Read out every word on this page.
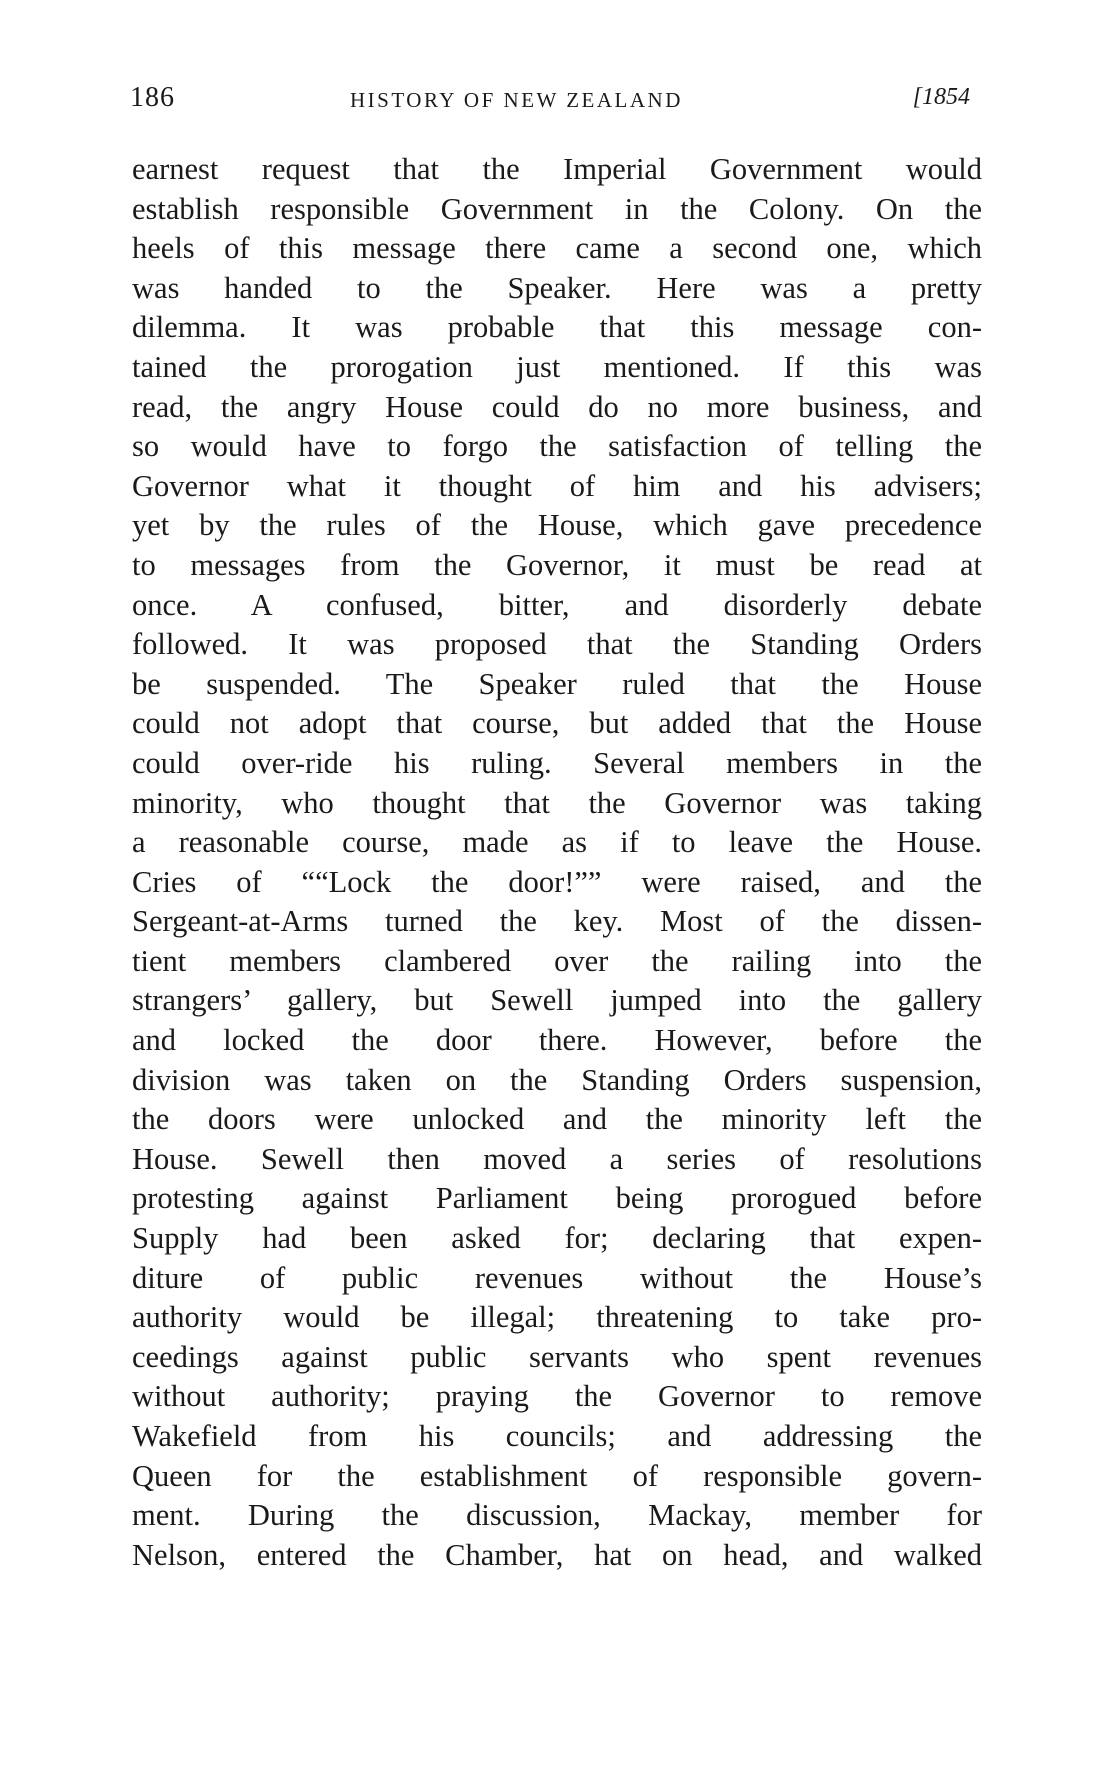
186	HISTORY OF NEW ZEALAND	[1854
earnest request that the Imperial Government would
establish responsible Government in the Colony. On the
heels of this message there came a second one, which
was handed to the Speaker. Here was a pretty
dilemma. It was probable that this message con-
tained the prorogation just mentioned. If this was
read, the angry House could do no more business, and
so would have to forgo the satisfaction of telling the
Governor what it thought of him and his advisers;
yet by the rules of the House, which gave precedence
to messages from the Governor, it must be read at
once. A confused, bitter, and disorderly debate
followed. It was proposed that the Standing Orders
be suspended. The Speaker ruled that the House
could not adopt that course, but added that the House
could over-ride his ruling. Several members in the
minority, who thought that the Governor was taking
a reasonable course, made as if to leave the House.
Cries of ““Lock the door!”” were raised, and the
Sergeant-at-Arms turned the key. Most of the dissen-
tient members clambered over the railing into the
strangers’ gallery, but Sewell jumped into the gallery
and locked the door there. However, before the
division was taken on the Standing Orders suspension,
the doors were unlocked and the minority left the
House. Sewell then moved a series of resolutions
protesting against Parliament being prorogued before
Supply had been asked for; declaring that expen-
diture of public revenues without the House’s
authority would be illegal; threatening to take pro-
ceedings against public servants who spent revenues
without authority; praying the Governor to remove
Wakefield from his councils; and addressing the
Queen for the establishment of responsible govern-
ment. During the discussion, Mackay, member for
Nelson, entered the Chamber, hat on head, and walked
